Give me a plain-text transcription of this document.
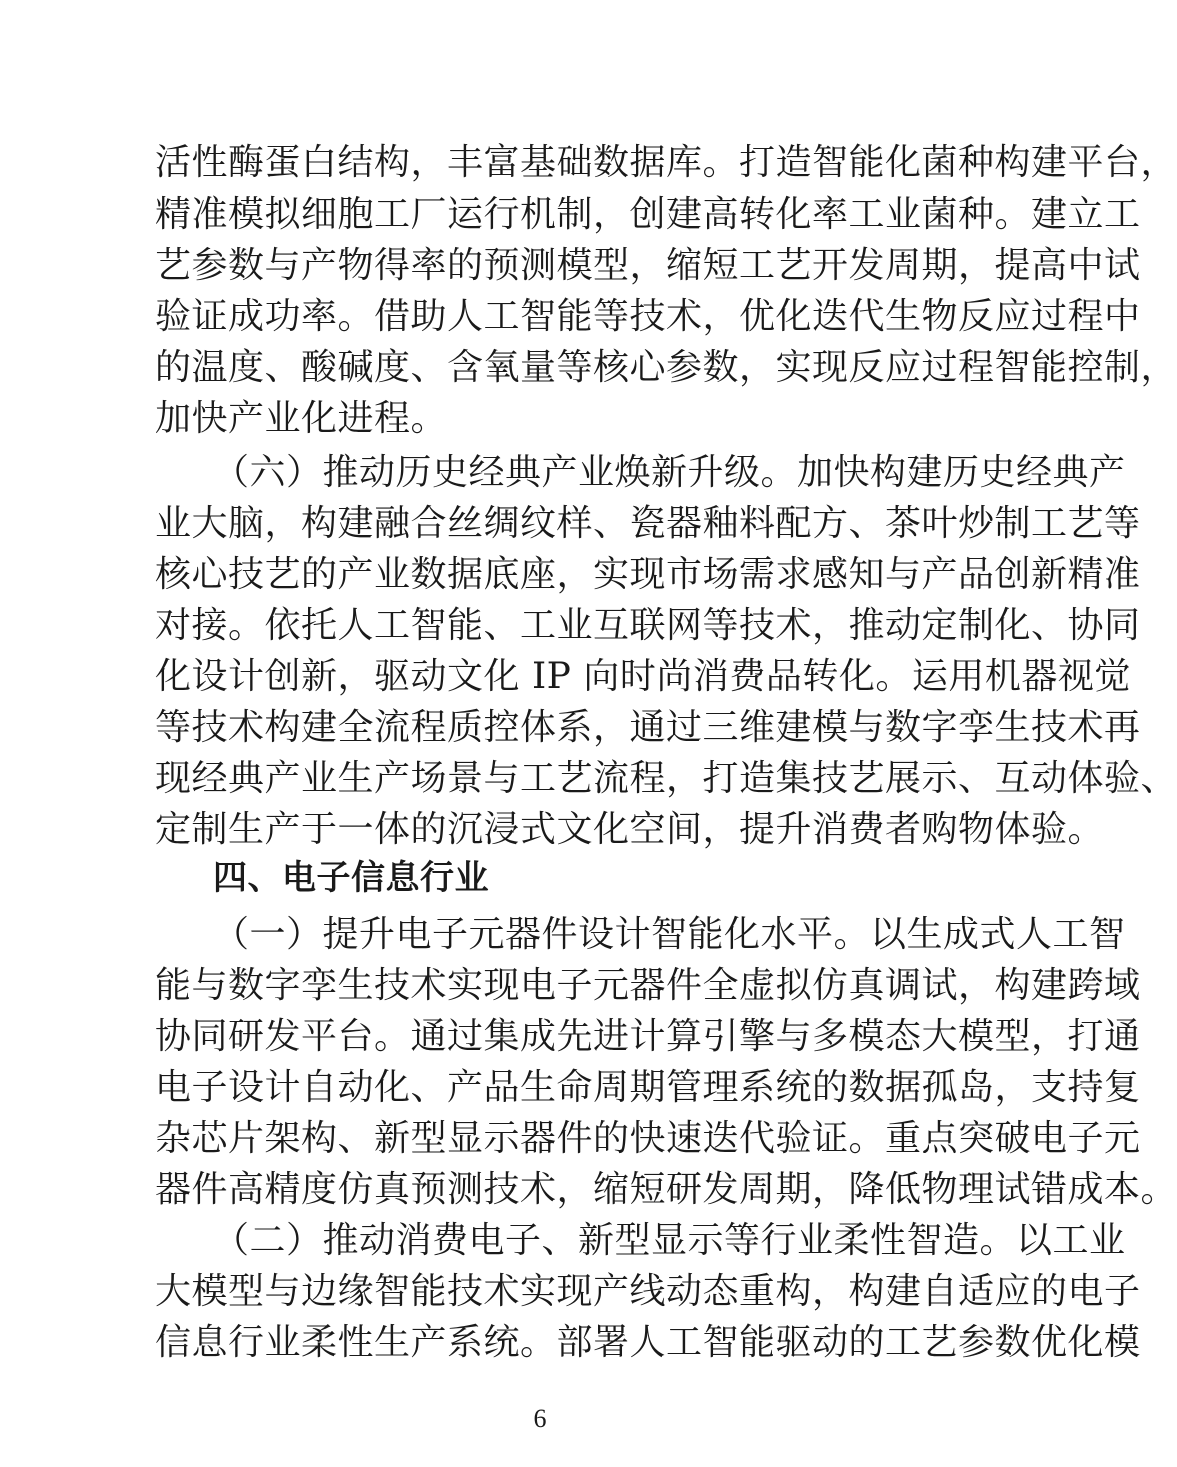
活性酶蛋白结构，丰富基础数据库。打造智能化菌种构建平台，
精准模拟细胞工厂运行机制，创建高转化率工业菌种。建立工
艺参数与产物得率的预测模型，缩短工艺开发周期，提高中试
验证成功率。借助人工智能等技术，优化迭代生物反应过程中
的温度、酸碱度、含氧量等核心参数，实现反应过程智能控制，
加快产业化进程。
（六）推动历史经典产业焕新升级。加快构建历史经典产
业大脑，构建融合丝绸纹样、瓷器釉料配方、茶叶炒制工艺等
核心技艺的产业数据底座，实现市场需求感知与产品创新精准
对接。依托人工智能、工业互联网等技术，推动定制化、协同
化设计创新，驱动文化 IP 向时尚消费品转化。运用机器视觉
等技术构建全流程质控体系，通过三维建模与数字孪生技术再
现经典产业生产场景与工艺流程，打造集技艺展示、互动体验、
定制生产于一体的沉浸式文化空间，提升消费者购物体验。
四、电子信息行业
（一）提升电子元器件设计智能化水平。以生成式人工智
能与数字孪生技术实现电子元器件全虚拟仿真调试，构建跨域
协同研发平台。通过集成先进计算引擎与多模态大模型，打通
电子设计自动化、产品生命周期管理系统的数据孤岛，支持复
杂芯片架构、新型显示器件的快速迭代验证。重点突破电子元
器件高精度仿真预测技术，缩短研发周期，降低物理试错成本。
（二）推动消费电子、新型显示等行业柔性智造。以工业
大模型与边缘智能技术实现产线动态重构，构建自适应的电子
信息行业柔性生产系统。部署人工智能驱动的工艺参数优化模
6
